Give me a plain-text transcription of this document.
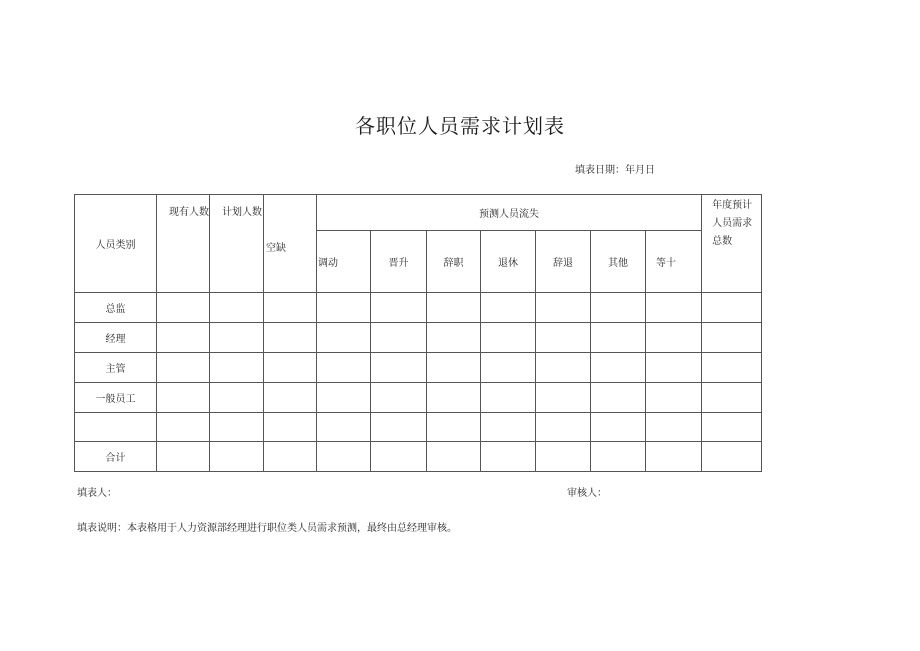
各职位人员需求计划表
填表日期：年月日
人员类别	现有人数	计划人数	空缺	预测人员流失							年度预计人员需求总数
				调动	晋升	辞职	退休	辞退	其他	等十	
总监											
经理											
主管											
一般员工											

合计											
填表人：	审核人：
填表说明：本表格用于人力资源部经理进行职位类人员需求预测，最终由总经理审核。
